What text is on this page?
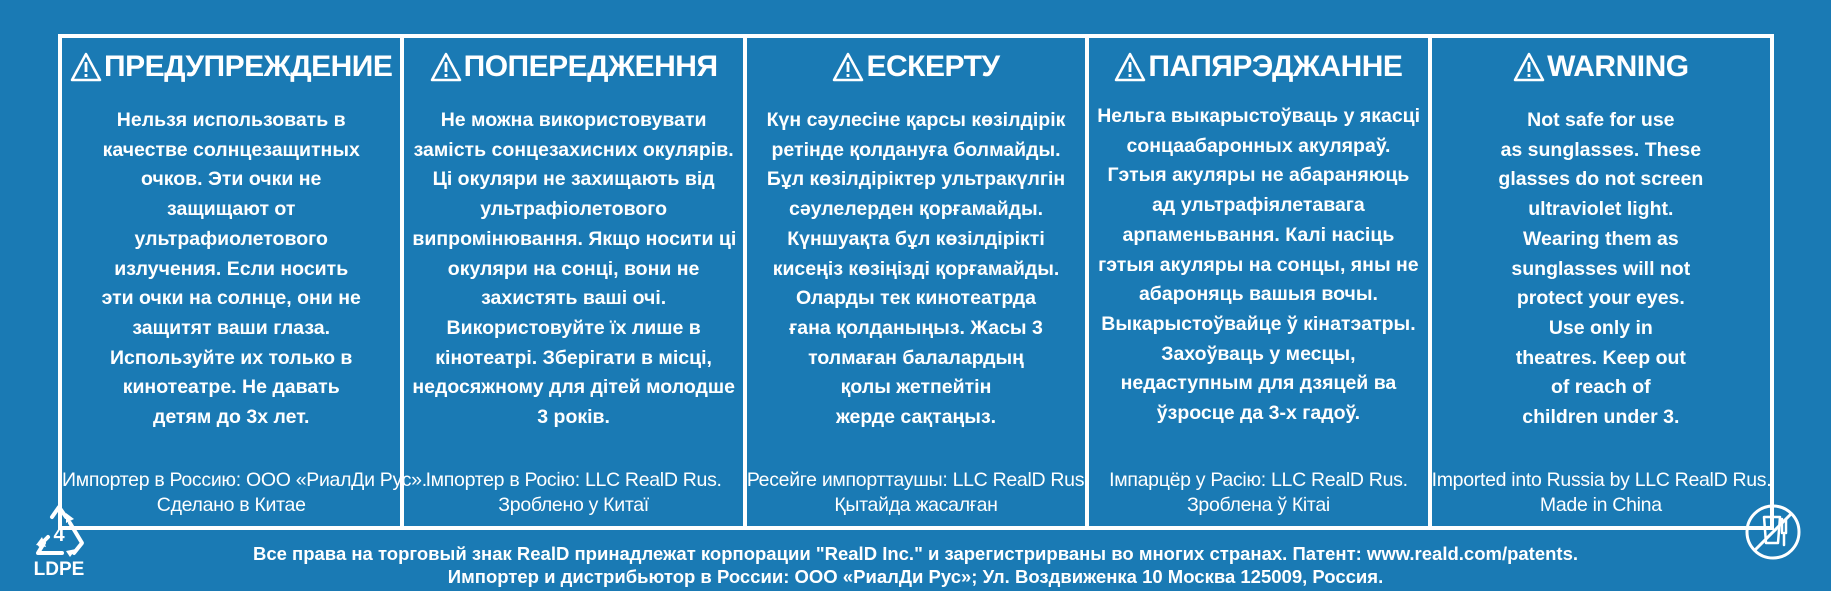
ПРЕДУПРЕЖДЕНИЕ
Нельзя использовать в
качестве солнцезащитных
очков. Эти очки не
защищают от
ультрафиолетового
излучения. Если носить
эти очки на солнце, они не
защитят ваши глаза.
Используйте их только в
кинотеатре. Не давать
детям до 3х лет.
Импортер в Россию: ООО «РиалДи Рус».
Сделано в Китае
ПОПЕРЕДЖЕННЯ
Не можна використовувати
замість сонцезахисних окулярів.
Ці окуляри не захищають від
ультрафіолетового
випромінювання. Якщо носити ці
окуляри на сонці, вони не
захистять ваші очі.
Використовуйте їх лише в
кінотеатрі. Зберігати в місці,
недосяжному для дітей молодше
3 років.
Імпортер в Росію: LLC RealD Rus.
Зроблено у Китаї
ЕСКЕРТУ
Күн сәулесіне қарсы көзілдірік
ретінде қолдануға болмайды.
Бұл көзілдіріктер ультракүлгін
сәулелерден қорғамайды.
Күншуақта бұл көзілдірікті
кисеңіз көзіңізді қорғамайды.
Оларды тек кинотеатрда
ғана қолданыңыз. Жасы 3
толмаған балалардың
қолы жетпейтін
жерде сақтаңыз.
Ресейге импорттаушы: LLC RealD Rus.
Қытайда жасалған
ПАПЯРЭДЖАННЕ
Нельга выкарыстоўваць у якасці
сонцаабаронных акуляраў.
Гэтыя акуляры не абараняюць
ад ультрафіялетавага
арпаменьвання. Калі насіць
гэтыя акуляры на сонцы, яны не
абароняць вашыя вочы.
Выкарыстоўвайце ў кінатэатры.
Захоўваць у месцы,
недаступным для дзяцей ва
ўзросце да 3-х гадоў.
Імпарцёр у Расію: LLC RealD Rus.
Зроблена ў Кітаі
WARNING
Not safe for use
as sunglasses. These
glasses do not screen
ultraviolet light.
Wearing them as
sunglasses will not
protect your eyes.
Use only in
theatres. Keep out
of reach of
children under 3.
Imported into Russia by LLC RealD Rus.
Made in China
4
LDPE
Все права на торговый знак RealD принадлежат корпорации "RealD Inc." и зарегистрирваны во многих странах. Патент: www.reald.com/patents.
Импортер и дистрибьютор в России: ООО «РиалДи Рус»; Ул. Воздвиженка 10 Москва 125009, Россия.
